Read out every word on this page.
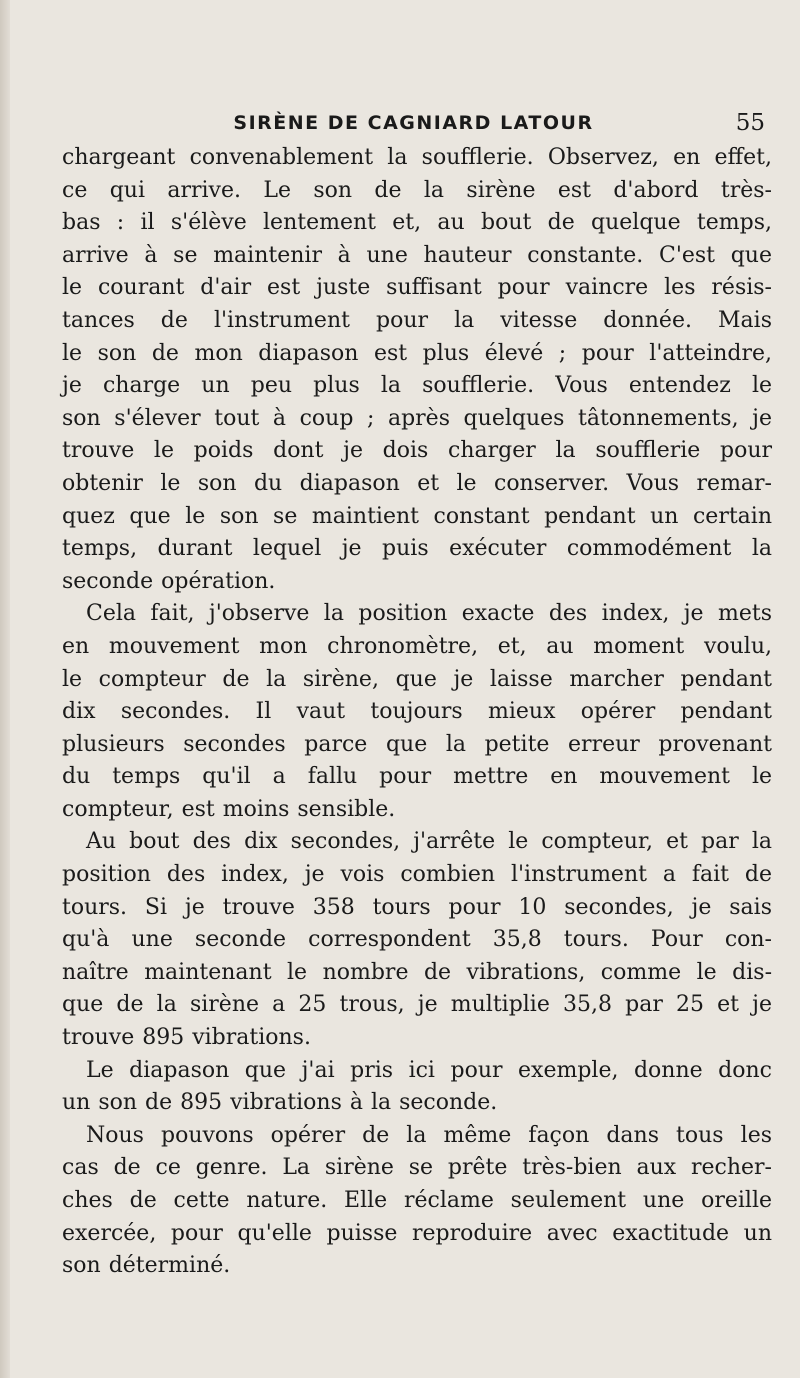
SIRÈNE DE CAGNIARD LATOUR	55
chargeant convenablement la soufflerie. Observez, en effet,
ce qui arrive. Le son de la sirène est d'abord très-
bas : il s'élève lentement et, au bout de quelque temps,
arrive à se maintenir à une hauteur constante. C'est que
le courant d'air est juste suffisant pour vaincre les résis-
tances de l'instrument pour la vitesse donnée. Mais
le son de mon diapason est plus élevé ; pour l'atteindre,
je charge un peu plus la soufflerie. Vous entendez le
son s'élever tout à coup ; après quelques tâtonnements, je
trouve le poids dont je dois charger la soufflerie pour
obtenir le son du diapason et le conserver. Vous remar-
quez que le son se maintient constant pendant un certain
temps, durant lequel je puis exécuter commodément la
seconde opération.
Cela fait, j'observe la position exacte des index, je mets
en mouvement mon chronomètre, et, au moment voulu,
le compteur de la sirène, que je laisse marcher pendant
dix secondes. Il vaut toujours mieux opérer pendant
plusieurs secondes parce que la petite erreur provenant
du temps qu'il a fallu pour mettre en mouvement le
compteur, est moins sensible.
Au bout des dix secondes, j'arrête le compteur, et par la
position des index, je vois combien l'instrument a fait de
tours. Si je trouve 358 tours pour 10 secondes, je sais
qu'à une seconde correspondent 35,8 tours. Pour con-
naître maintenant le nombre de vibrations, comme le dis-
que de la sirène a 25 trous, je multiplie 35,8 par 25 et je
trouve 895 vibrations.
Le diapason que j'ai pris ici pour exemple, donne donc
un son de 895 vibrations à la seconde.
Nous pouvons opérer de la même façon dans tous les
cas de ce genre. La sirène se prête très-bien aux recher-
ches de cette nature. Elle réclame seulement une oreille
exercée, pour qu'elle puisse reproduire avec exactitude un
son déterminé.
